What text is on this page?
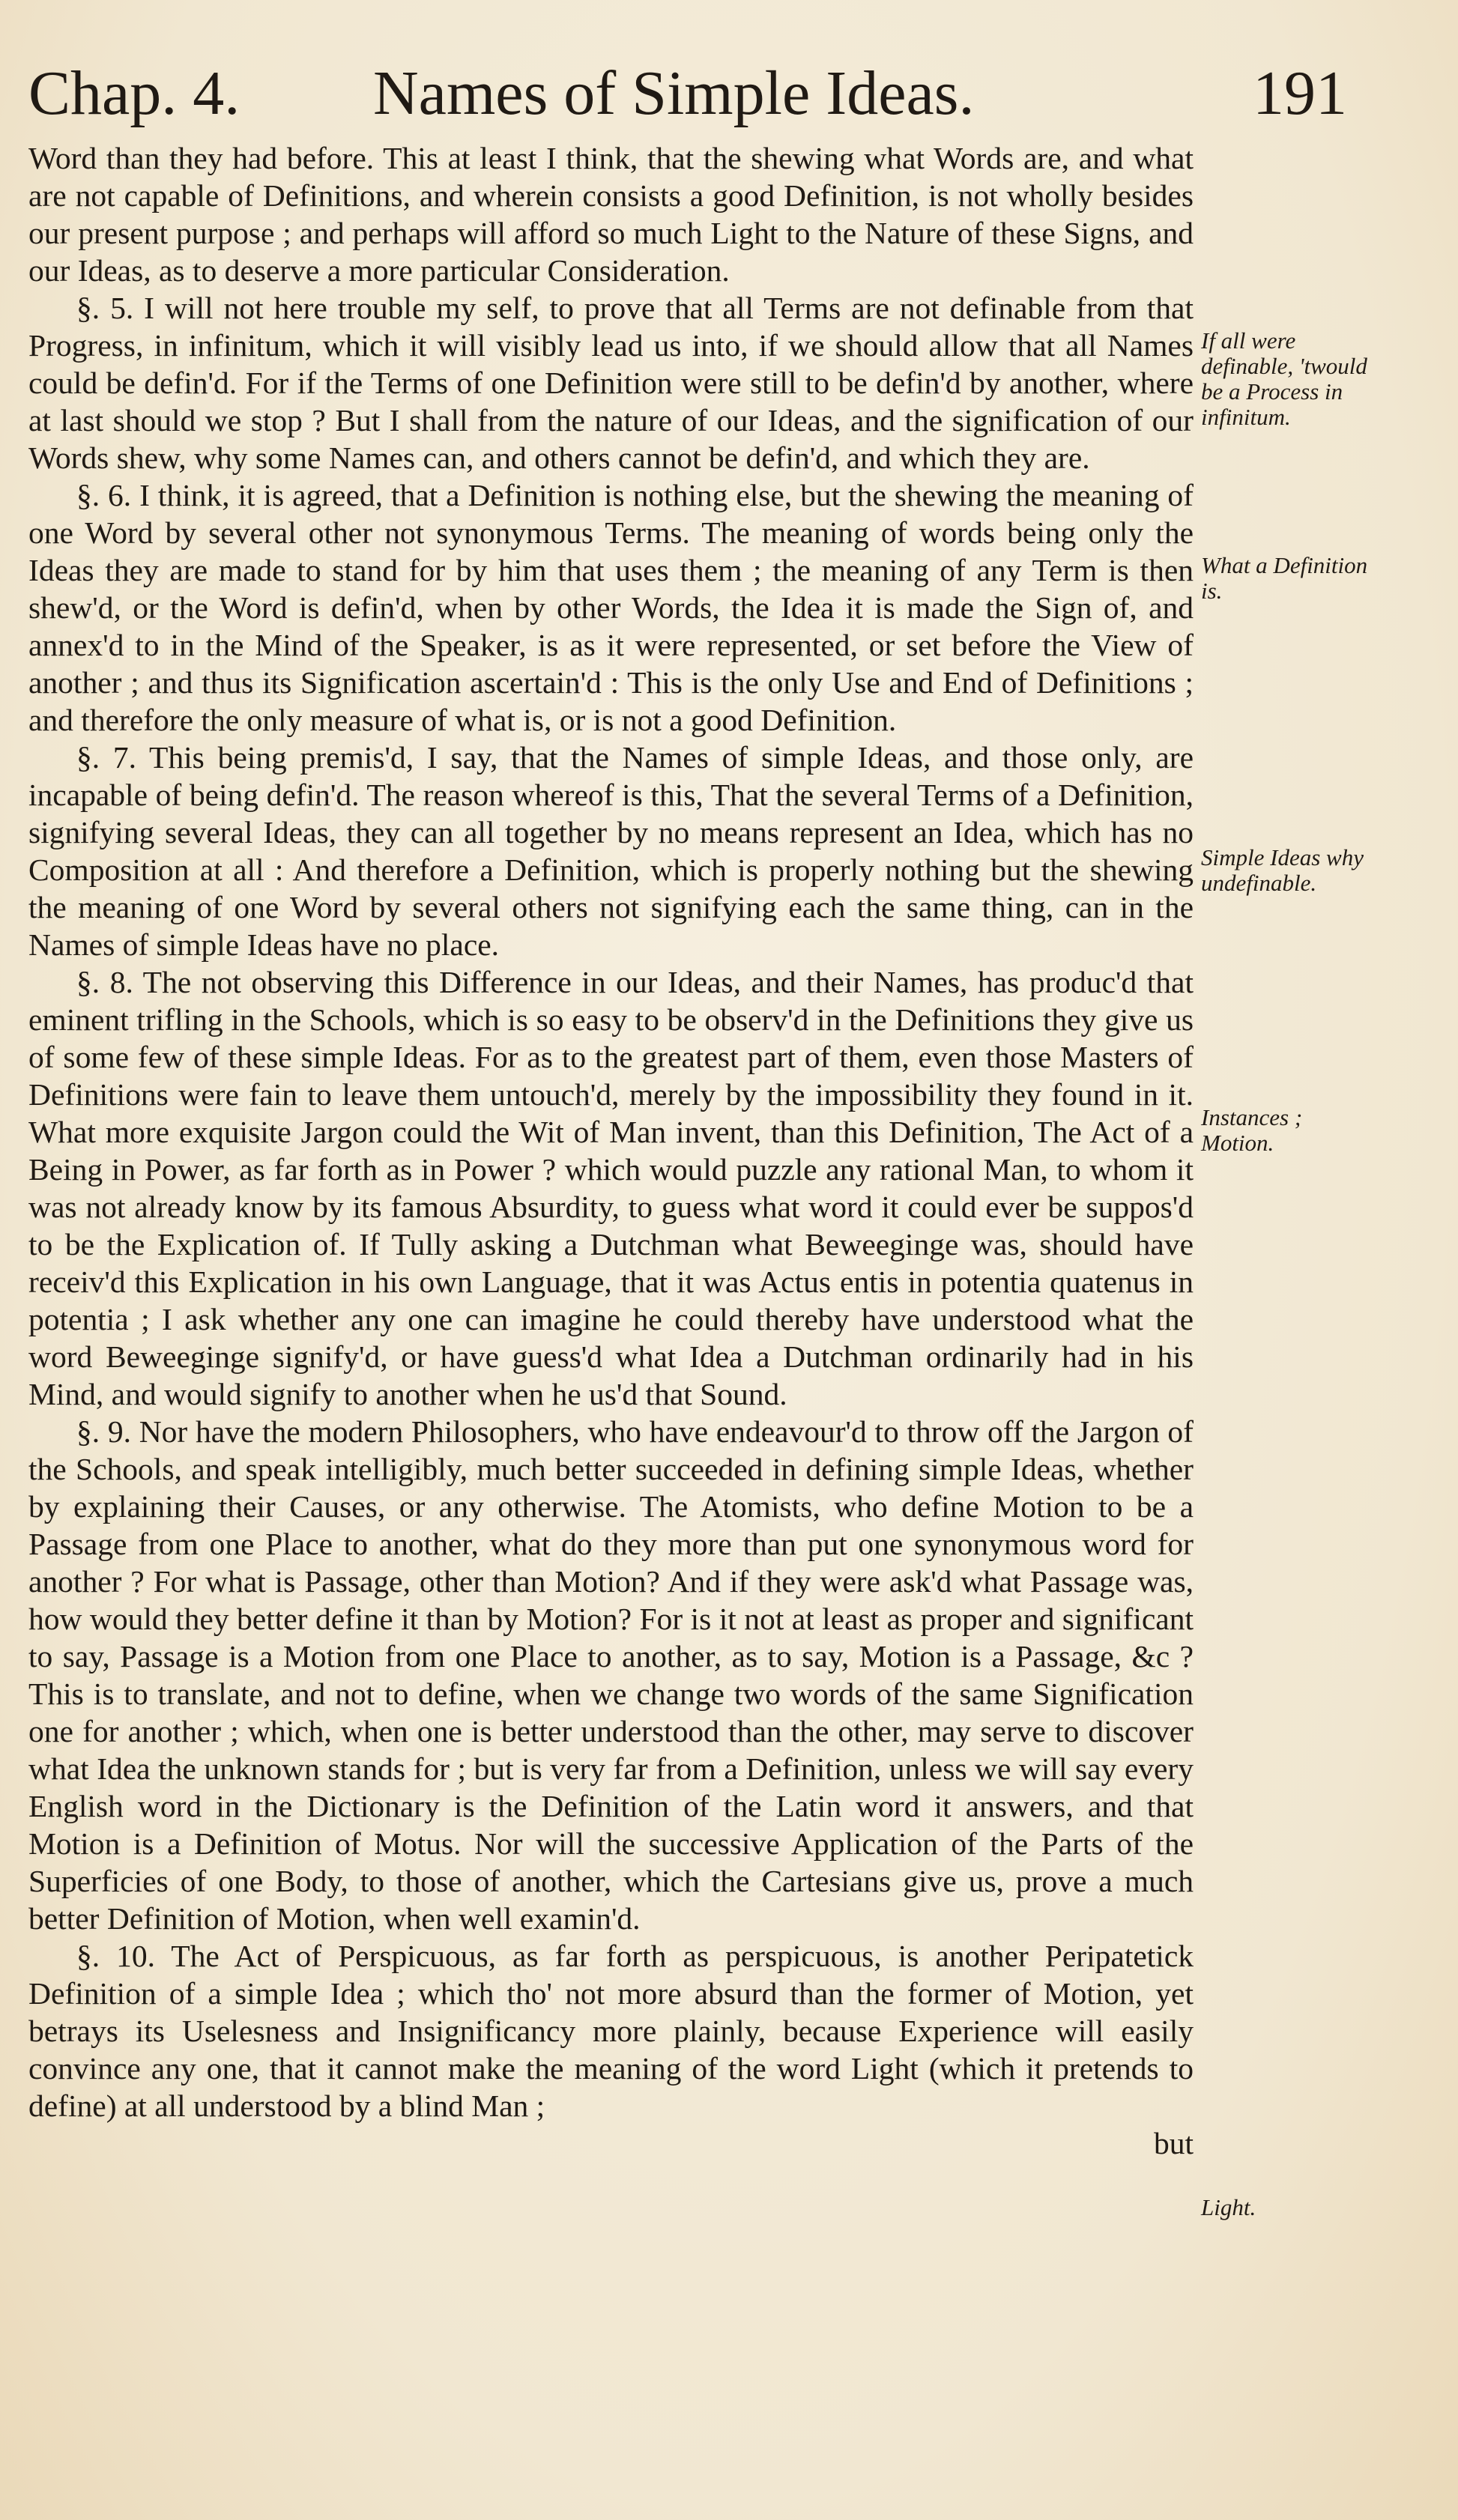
Chap. 4. Names of Simple Ideas.	191

Word than they had before. This at least I think, that the shewing what Words are, and what are not capable of Definitions, and wherein consists a good Definition, is not wholly besides our present purpose ; and perhaps will afford so much Light to the Nature of these Signs, and our Ideas, as to deserve a more particular Consideration.

§. 5. I will not here trouble my self, to prove that all Terms are not definable from that Progress, in infinitum, which it will visibly lead us into, if we should allow that all Names could be defin'd. For if the Terms of one Definition were still to be defin'd by another, where at last should we stop ? But I shall from the nature of our Ideas, and the signification of our Words shew, why some Names can, and others cannot be defin'd, and which they are.

§. 6. I think, it is agreed, that a Definition is nothing else, but the shewing the meaning of one Word by several other not synonymous Terms. The meaning of words being only the Ideas they are made to stand for by him that uses them ; the meaning of any Term is then shew'd, or the Word is defin'd, when by other Words, the Idea it is made the Sign of, and annex'd to in the Mind of the Speaker, is as it were represented, or set before the View of another ; and thus its Signification ascertain'd : This is the only Use and End of Definitions ; and therefore the only measure of what is, or is not a good Definition.

§. 7. This being premis'd, I say, that the Names of simple Ideas, and those only, are incapable of being defin'd. The reason whereof is this, That the several Terms of a Definition, signifying several Ideas, they can all together by no means represent an Idea, which has no Composition at all : And therefore a Definition, which is properly nothing but the shewing the meaning of one Word by several others not signifying each the same thing, can in the Names of simple Ideas have no place.

§. 8. The not observing this Difference in our Ideas, and their Names, has produc'd that eminent trifling in the Schools, which is so easy to be observ'd in the Definitions they give us of some few of these simple Ideas. For as to the greatest part of them, even those Masters of Definitions were fain to leave them untouch'd, merely by the impossibility they found in it. What more exquisite Jargon could the Wit of Man invent, than this Definition, The Act of a Being in Power, as far forth as in Power ? which would puzzle any rational Man, to whom it was not already know by its famous Absurdity, to guess what word it could ever be suppos'd to be the Explication of. If Tully asking a Dutchman what Beweeginge was, should have receiv'd this Explication in his own Language, that it was Actus entis in potentia quatenus in potentia ; I ask whether any one can imagine he could thereby have understood what the word Beweeginge signify'd, or have guess'd what Idea a Dutchman ordinarily had in his Mind, and would signify to another when he us'd that Sound.

§. 9. Nor have the modern Philosophers, who have endeavour'd to throw off the Jargon of the Schools, and speak intelligibly, much better succeeded in defining simple Ideas, whether by explaining their Causes, or any otherwise. The Atomists, who define Motion to be a Passage from one Place to another, what do they more than put one synonymous word for another ? For what is Passage, other than Motion? And if they were ask'd what Passage was, how would they better define it than by Motion? For is it not at least as proper and significant to say, Passage is a Motion from one Place to another, as to say, Motion is a Passage, &c ? This is to translate, and not to define, when we change two words of the same Signification one for another ; which, when one is better understood than the other, may serve to discover what Idea the unknown stands for ; but is very far from a Definition, unless we will say every English word in the Dictionary is the Definition of the Latin word it answers, and that Motion is a Definition of Motus. Nor will the successive Application of the Parts of the Superficies of one Body, to those of another, which the Cartesians give us, prove a much better Definition of Motion, when well examin'd.

§. 10. The Act of Perspicuous, as far forth as perspicuous, is another Peripatetick Definition of a simple Idea ; which tho' not more absurd than the former of Motion, yet betrays its Uselesness and Insignificancy more plainly, because Experience will easily convince any one, that it cannot make the meaning of the word Light (which it pretends to define) at all understood by a blind Man ;

but

If all were definable, 'twould be a Process in infinitum.
What a Definition is.
Simple Ideas why undefinable.
Instances ; Motion.
Light.
